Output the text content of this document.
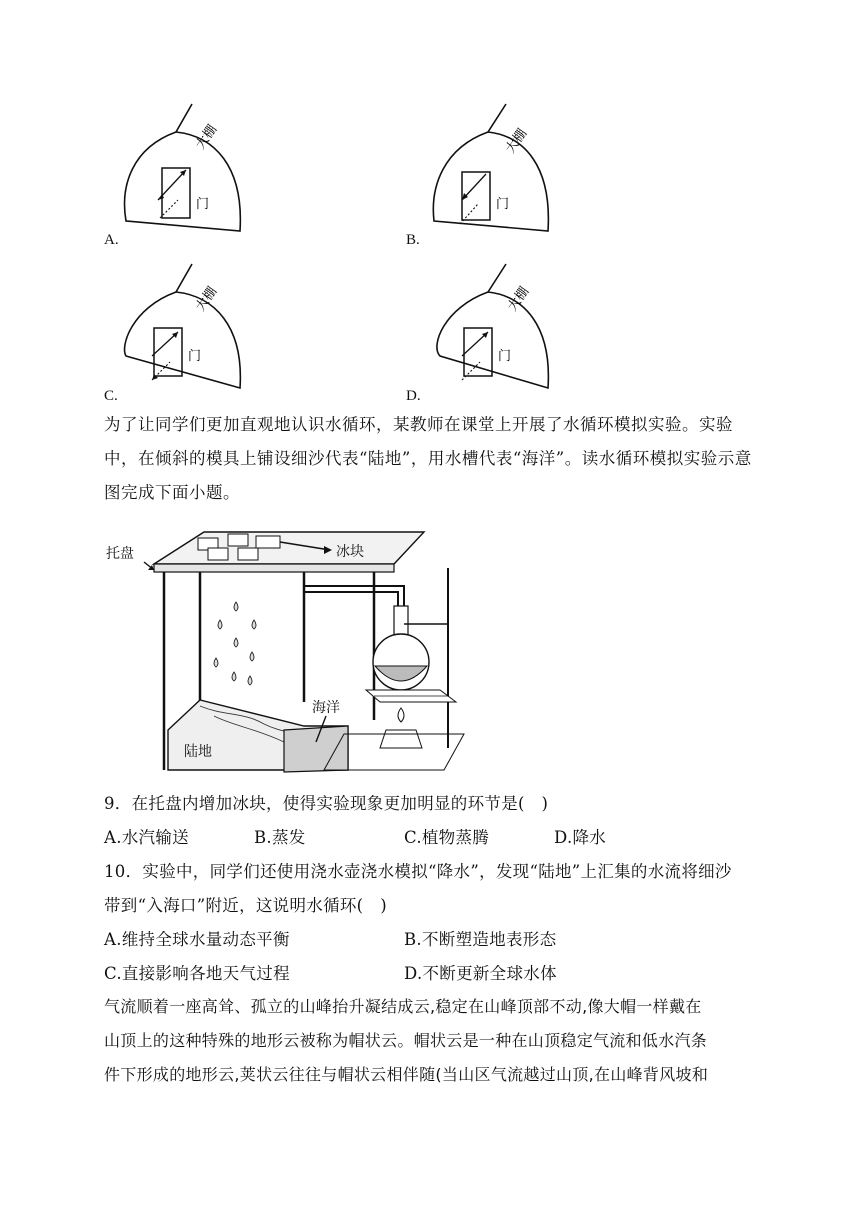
大棚
门
A.
大棚
门
B.
大棚
门
C.
大棚
门
D.
为了让同学们更加直观地认识水循环，某教师在课堂上开展了水循环模拟实验。实验中，在倾斜的模具上铺设细沙代表“陆地”，用水槽代表“海洋”。读水循环模拟实验示意图完成下面小题。
托盘	冰块
海洋
陆地
9．在托盘内增加冰块，使得实验现象更加明显的环节是(　)
A.水汽输送	B.蒸发	C.植物蒸腾	D.降水
10．实验中，同学们还使用浇水壶浇水模拟“降水”，发现“陆地”上汇集的水流将细沙
带到“入海口”附近，这说明水循环(　)
A.维持全球水量动态平衡	B.不断塑造地表形态
C.直接影响各地天气过程	D.不断更新全球水体
气流顺着一座高耸、孤立的山峰抬升凝结成云,稳定在山峰顶部不动,像大帽一样戴在
山顶上的这种特殊的地形云被称为帽状云。帽状云是一种在山顶稳定气流和低水汽条
件下形成的地形云,荚状云往往与帽状云相伴随(当山区气流越过山顶,在山峰背风坡和
